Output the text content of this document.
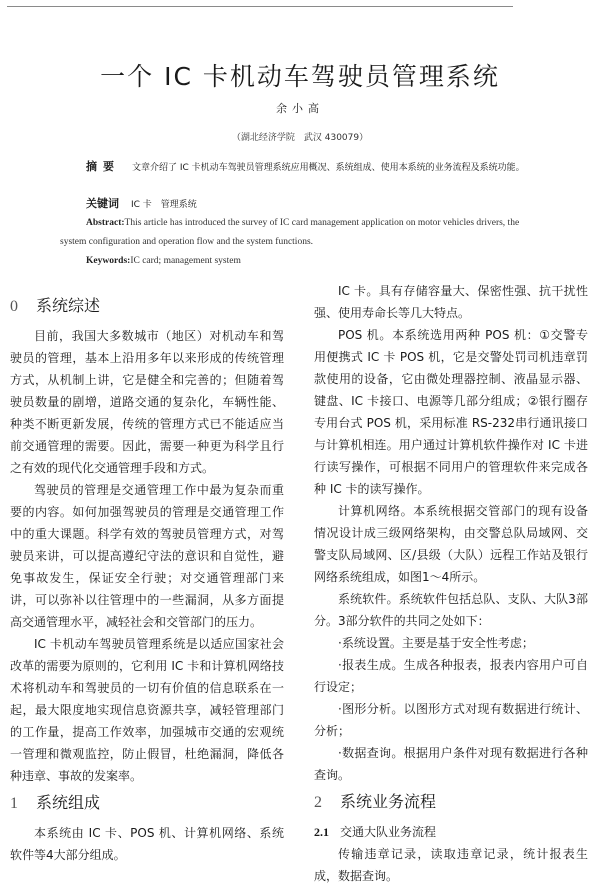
一个 IC 卡机动车驾驶员管理系统
余小高
（湖北经济学院　武汉 430079）
摘要 文章介绍了 IC 卡机动车驾驶员管理系统应用概况、系统组成、使用本系统的业务流程及系统功能。
关键词 IC 卡　管理系统
Abstract:This article has introduced the survey of IC card management application on motor vehicles drivers, the system configuration and operation flow and the system functions.
Keywords:IC card; management system
0 系统综述

目前，我国大多数城市（地区）对机动车和驾驶员的管理，基本上沿用多年以来形成的传统管理方式，从机制上讲，它是健全和完善的；但随着驾驶员数量的剧增，道路交通的复杂化，车辆性能、种类不断更新发展，传统的管理方式已不能适应当前交通管理的需要。因此，需要一种更为科学且行之有效的现代化交通管理手段和方式。

驾驶员的管理是交通管理工作中最为复杂而重要的内容。如何加强驾驶员的管理是交通管理工作中的重大课题。科学有效的驾驶员管理方式，对驾驶员来讲，可以提高遵纪守法的意识和自觉性，避免事故发生，保证安全行驶；对交通管理部门来讲，可以弥补以往管理中的一些漏洞，从多方面提高交通管理水平，减轻社会和交管部门的压力。

IC 卡机动车驾驶员管理系统是以适应国家社会改革的需要为原则的，它利用 IC 卡和计算机网络技术将机动车和驾驶员的一切有价值的信息联系在一起，最大限度地实现信息资源共享，减轻管理部门的工作量，提高工作效率，加强城市交通的宏观统一管理和微观监控，防止假冒，杜绝漏洞，降低各种违章、事故的发案率。

1 系统组成

本系统由 IC 卡、POS 机、计算机网络、系统软件等4大部分组成。

IC 卡。具有存储容量大、保密性强、抗干扰性强、使用寿命长等几大特点。

POS 机。本系统选用两种 POS 机：①交警专用便携式 IC 卡 POS 机，它是交警处罚司机违章罚款使用的设备，它由微处理器控制、液晶显示器、键盘、IC 卡接口、电源等几部分组成；②银行圈存专用台式 POS 机，采用标准 RS-232串行通讯接口与计算机相连。用户通过计算机软件操作对 IC 卡进行读写操作，可根据不同用户的管理软件来完成各种 IC 卡的读写操作。

计算机网络。本系统根据交管部门的现有设备情况设计成三级网络架构，由交警总队局域网、交警支队局域网、区/县级（大队）远程工作站及银行网络系统组成，如图1～4所示。

系统软件。系统软件包括总队、支队、大队3部分。3部分软件的共同之处如下：

·系统设置。主要是基于安全性考虑；

·报表生成。生成各种报表，报表内容用户可自行设定；

·图形分析。以图形方式对现有数据进行统计、分析；

·数据查询。根据用户条件对现有数据进行各种查询。

2 系统业务流程
2.1 交通大队业务流程

传输违章记录，读取违章记录，统计报表生成，数据查询。
